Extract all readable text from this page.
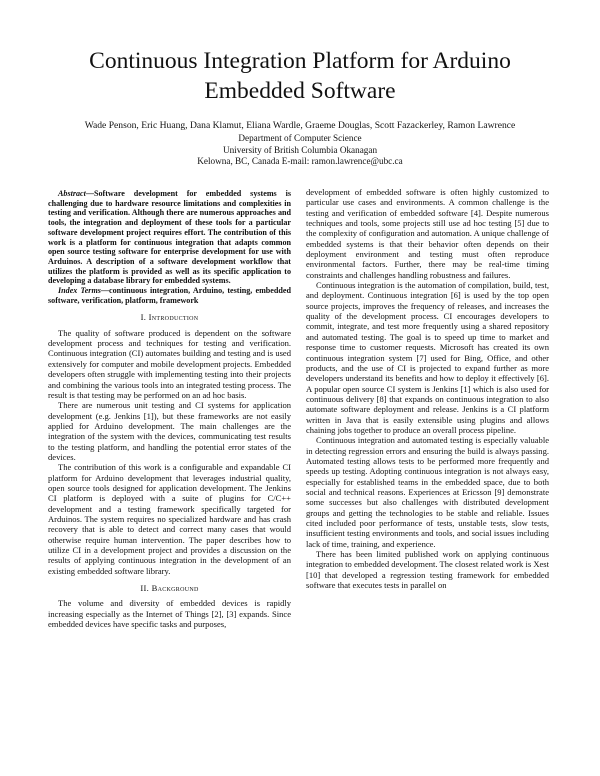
Continuous Integration Platform for Arduino
Embedded Software

Wade Penson, Eric Huang, Dana Klamut, Eliana Wardle, Graeme Douglas, Scott Fazackerley, Ramon Lawrence

Department of Computer Science
University of British Columbia Okanagan
Kelowna, BC, Canada E-mail: ramon.lawrence@ubc.ca

Abstract—Software development for embedded systems is challenging due to hardware resource limitations and complexities in testing and verification. Although there are numerous approaches and tools, the integration and deployment of these tools for a particular software development project requires effort. The contribution of this work is a platform for continuous integration that adapts common open source testing software for enterprise development for use with Arduinos. A description of a software development workflow that utilizes the platform is provided as well as its specific application to developing a database library for embedded systems.

Index Terms—continuous integration, Arduino, testing, embedded software, verification, platform, framework

I. Introduction

The quality of software produced is dependent on the software development process and techniques for testing and verification. Continuous integration (CI) automates building and testing and is used extensively for computer and mobile development projects. Embedded developers often struggle with implementing testing into their projects and combining the various tools into an integrated testing process. The result is that testing may be performed on an ad hoc basis.

There are numerous unit testing and CI systems for application development (e.g. Jenkins [1]), but these frameworks are not easily applied for Arduino development. The main challenges are the integration of the system with the devices, communicating test results to the testing platform, and handling the potential error states of the devices.

The contribution of this work is a configurable and expandable CI platform for Arduino development that leverages industrial quality, open source tools designed for application development. The Jenkins CI platform is deployed with a suite of plugins for C/C++ development and a testing framework specifically targeted for Arduinos. The system requires no specialized hardware and has crash recovery that is able to detect and correct many cases that would otherwise require human intervention. The paper describes how to utilize CI in a development project and provides a discussion on the results of applying continuous integration in the development of an existing embedded software library.

II. Background

The volume and diversity of embedded devices is rapidly increasing especially as the Internet of Things [2], [3] expands. Since embedded devices have specific tasks and purposes,

development of embedded software is often highly customized to particular use cases and environments. A common challenge is the testing and verification of embedded software [4]. Despite numerous techniques and tools, some projects still use ad hoc testing [5] due to the complexity of configuration and automation. A unique challenge of embedded systems is that their behavior often depends on their deployment environment and testing must often reproduce environmental factors. Further, there may be real-time timing constraints and challenges handling robustness and failures.

Continuous integration is the automation of compilation, build, test, and deployment. Continuous integration [6] is used by the top open source projects, improves the frequency of releases, and increases the quality of the development process. CI encourages developers to commit, integrate, and test more frequently using a shared repository and automated testing. The goal is to speed up time to market and response time to customer requests. Microsoft has created its own continuous integration system [7] used for Bing, Office, and other products, and the use of CI is projected to expand further as more developers understand its benefits and how to deploy it effectively [6]. A popular open source CI system is Jenkins [1] which is also used for continuous delivery [8] that expands on continuous integration to also automate software deployment and release. Jenkins is a CI platform written in Java that is easily extensible using plugins and allows chaining jobs together to produce an overall process pipeline.

Continuous integration and automated testing is especially valuable in detecting regression errors and ensuring the build is always passing. Automated testing allows tests to be performed more frequently and speeds up testing. Adopting continuous integration is not always easy, especially for established teams in the embedded space, due to both social and technical reasons. Experiences at Ericsson [9] demonstrate some successes but also challenges with distributed development groups and getting the technologies to be stable and reliable. Issues cited included poor performance of tests, unstable tests, slow tests, insufficient testing environments and tools, and social issues including lack of time, training, and experience.

There has been limited published work on applying continuous integration to embedded development. The closest related work is Xest [10] that developed a regression testing framework for embedded software that executes tests in parallel on
